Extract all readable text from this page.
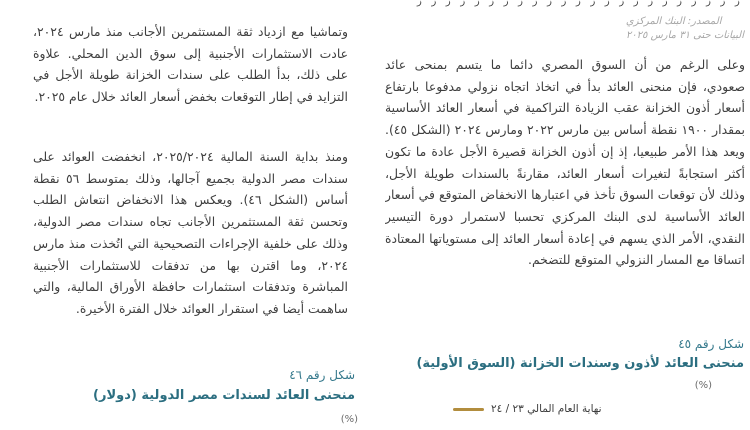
ز ز ز ز ز ز ز ز ز ز ز ز ز ز ز ز ز ز ز ز ز ز ز
المصدر: البنك المركزي
البيانات حتى ٣١ مارس ٢٠٢٥

وعلى الرغم من أن السوق المصري دائما ما يتسم بمنحى عائد صعودي، فإن منحنى العائد بدأ في اتخاذ اتجاه نزولي مدفوعا بارتفاع أسعار أذون الخزانة عقب الزيادة التراكمية في أسعار العائد الأساسية بمقدار ١٩٠٠ نقطة أساس بين مارس ٢٠٢٢ ومارس ٢٠٢٤ (الشكل ٤٥). ويعد هذا الأمر طبيعيا، إذ إن أذون الخزانة قصيرة الأجل عادة ما تكون أكثر استجابةً لتغيرات أسعار العائد، مقارنةً بالسندات طويلة الأجل، وذلك لأن توقعات السوق تأخذ في اعتبارها الانخفاض المتوقع في أسعار العائد الأساسية لدى البنك المركزي تحسبا لاستمرار دورة التيسير النقدي، الأمر الذي يسهم في إعادة أسعار العائد إلى مستوياتها المعتادة اتساقا مع المسار النزولي المتوقع للتضخم.

شكل رقم ٤٥

منحنى العائد لأذون وسندات الخزانة (السوق الأولية)

(%)

نهاية العام المالي ٢٣ / ٢٤

وتماشيا مع ازدياد ثقة المستثمرين الأجانب منذ مارس ٢٠٢٤، عادت الاستثمارات الأجنبية إلى سوق الدين المحلي. علاوة على ذلك، بدأ الطلب على سندات الخزانة طويلة الأجل في التزايد في إطار التوقعات بخفض أسعار العائد خلال عام ٢٠٢٥.

ومنذ بداية السنة المالية ٢٠٢٥/٢٠٢٤، انخفضت العوائد على سندات مصر الدولية بجميع آجالها، وذلك بمتوسط ٥٦ نقطة أساس (الشكل ٤٦). ويعكس هذا الانخفاض انتعاش الطلب وتحسن ثقة المستثمرين الأجانب تجاه سندات مصر الدولية، وذلك على خلفية الإجراءات التصحيحية التي اتُخذت منذ مارس ٢٠٢٤، وما اقترن بها من تدفقات للاستثمارات الأجنبية المباشرة وتدفقات استثمارات حافظة الأوراق المالية، والتي ساهمت أيضا في استقرار العوائد خلال الفترة الأخيرة.

شكل رقم ٤٦

منحنى العائد لسندات مصر الدولية (دولار)

(%)
